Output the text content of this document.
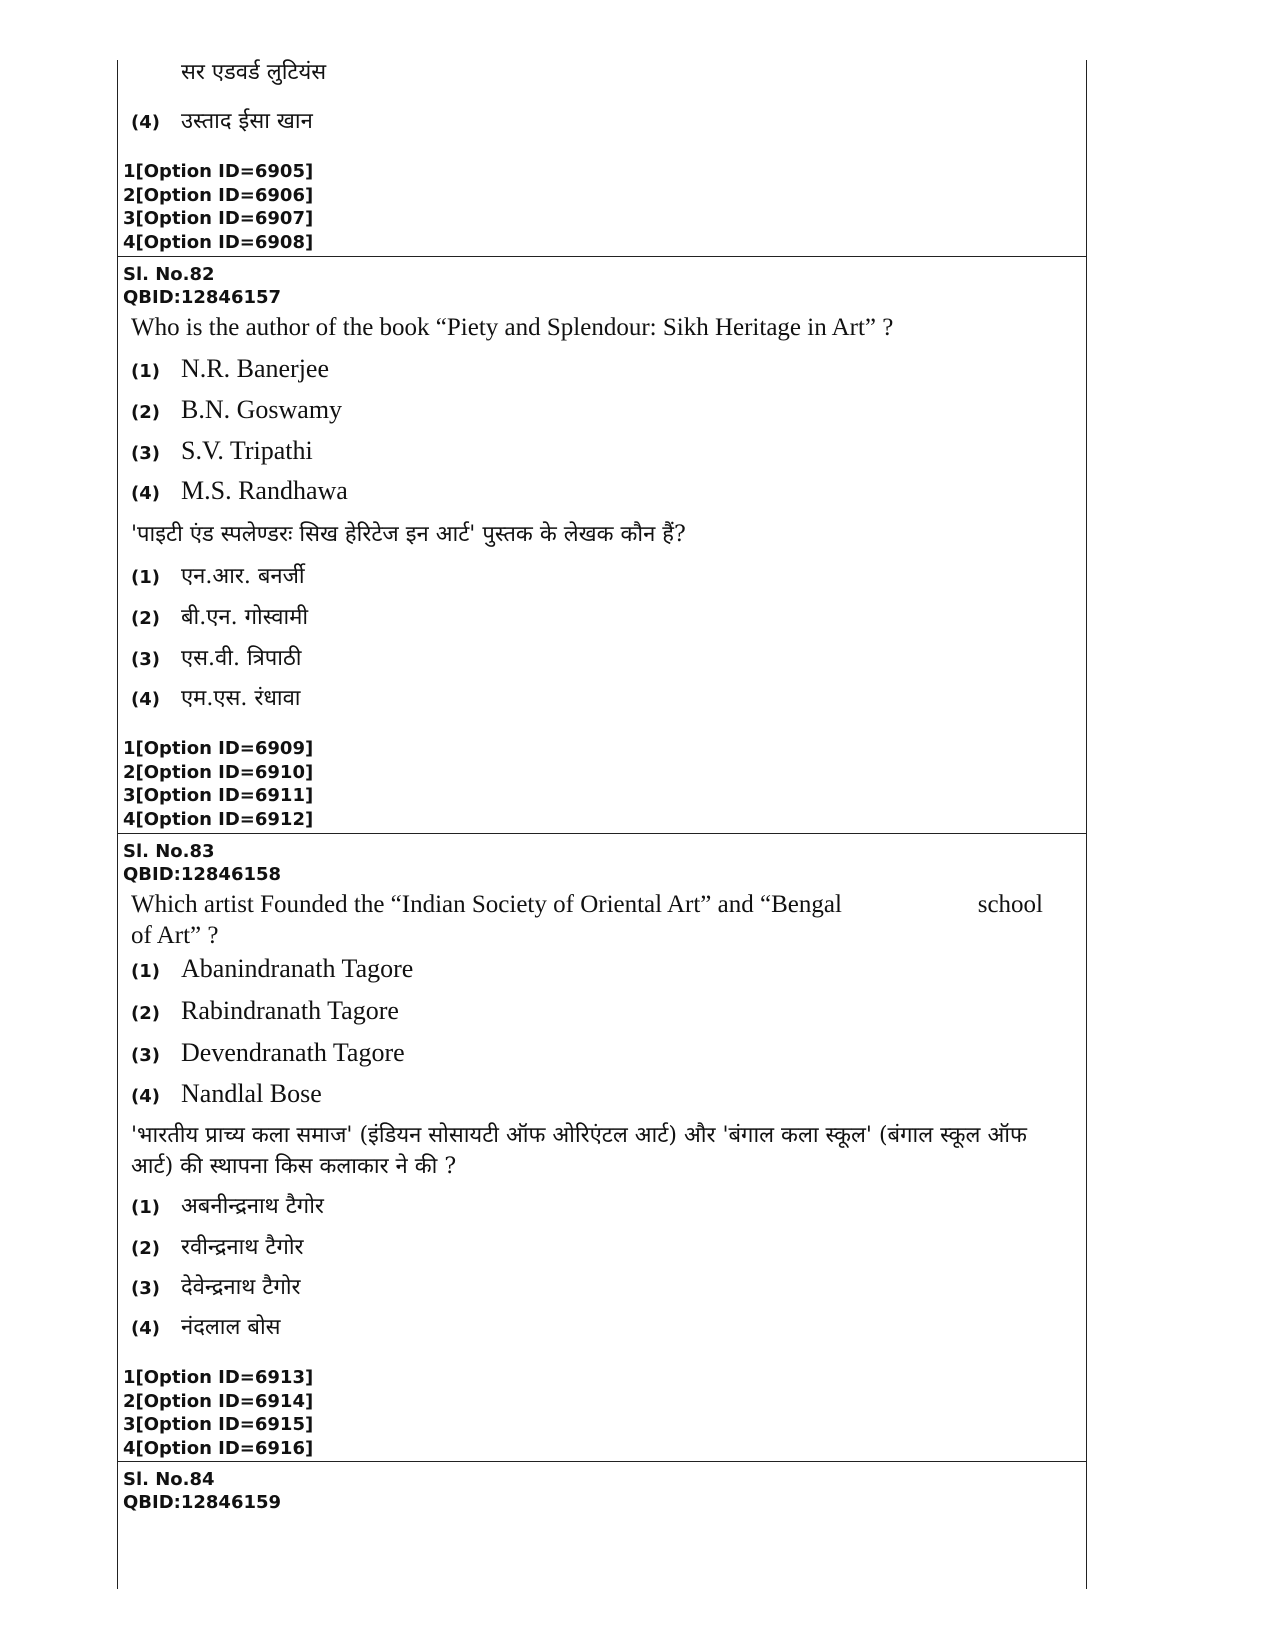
सर एडवर्ड लुटियंस
(4) उस्ताद ईसा खान
1[Option ID=6905]
2[Option ID=6906]
3[Option ID=6907]
4[Option ID=6908]
Sl. No.82
QBID:12846157
Who is the author of the book “Piety and Splendour: Sikh Heritage in Art” ?
(1) N.R. Banerjee
(2) B.N. Goswamy
(3) S.V. Tripathi
(4) M.S. Randhawa
'पाइटी एंड स्पलेण्डरः सिख हेरिटेज इन आर्ट' पुस्तक के लेखक कौन हैं?
(1) एन.आर. बनर्जी
(2) बी.एन. गोस्वामी
(3) एस.वी. त्रिपाठी
(4) एम.एस. रंधावा
1[Option ID=6909]
2[Option ID=6910]
3[Option ID=6911]
4[Option ID=6912]
Sl. No.83
QBID:12846158
Which artist Founded the “Indian Society of Oriental Art” and “Bengal	school
of Art” ?
(1) Abanindranath Tagore
(2) Rabindranath Tagore
(3) Devendranath Tagore
(4) Nandlal Bose
'भारतीय प्राच्य कला समाज' (इंडियन सोसायटी ऑफ ओरिएंटल आर्ट) और 'बंगाल कला स्कूल' (बंगाल स्कूल ऑफ आर्ट) की स्थापना किस कलाकार ने की ?
(1) अबनीन्द्रनाथ टैगोर
(2) रवीन्द्रनाथ टैगोर
(3) देवेन्द्रनाथ टैगोर
(4) नंदलाल बोस
1[Option ID=6913]
2[Option ID=6914]
3[Option ID=6915]
4[Option ID=6916]
Sl. No.84
QBID:12846159
